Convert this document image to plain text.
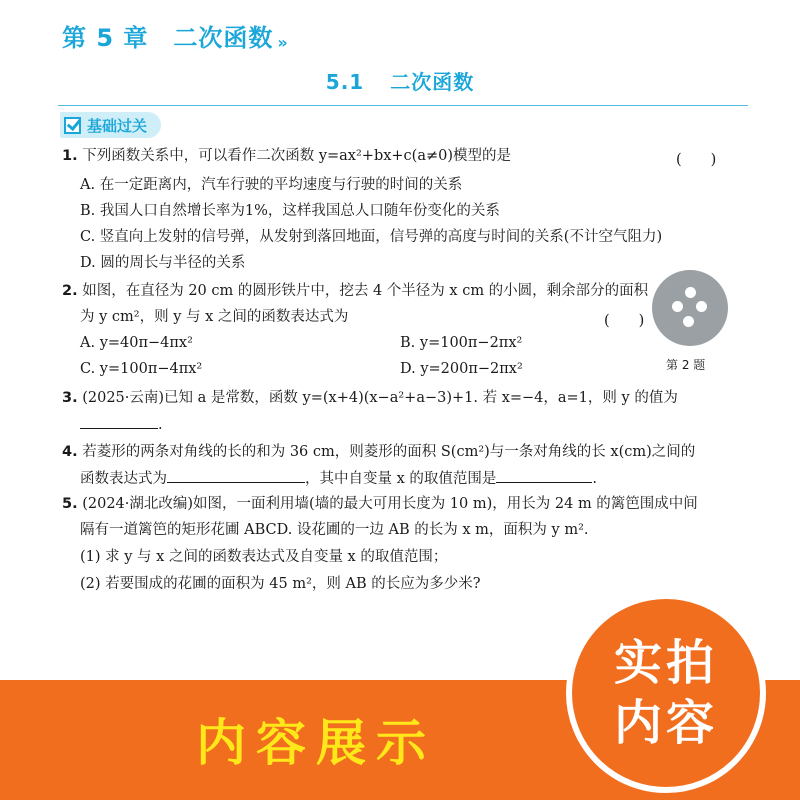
第 5 章　二次函数 »
5.1 二次函数
基础过关
1. 下列函数关系中，可以看作二次函数 y=ax²+bx+c(a≠0)模型的是	(　　)
A. 在一定距离内，汽车行驶的平均速度与行驶的时间的关系
B. 我国人口自然增长率为1%，这样我国总人口随年份变化的关系
C. 竖直向上发射的信号弹，从发射到落回地面，信号弹的高度与时间的关系(不计空气阻力)
D. 圆的周长与半径的关系
2. 如图，在直径为 20 cm 的圆形铁片中，挖去 4 个半径为 x cm 的小圆，剩余部分的面积
为 y cm²，则 y 与 x 之间的函数表达式为	(　　)
A. y=40π−4πx²	B. y=100π−2πx²
C. y=100π−4πx²	D. y=200π−2πx²	第 2 题
3. (2025·云南)已知 a 是常数，函数 y=(x+4)(x−a²+a−3)+1. 若 x=−4，a=1，则 y 的值为
.
4. 若菱形的两条对角线的长的和为 36 cm，则菱形的面积 S(cm²)与一条对角线的长 x(cm)之间的
函数表达式为	，其中自变量 x 的取值范围是	.
5. (2024·湖北改编)如图，一面利用墙(墙的最大可用长度为 10 m)，用长为 24 m 的篱笆围成中间
隔有一道篱笆的矩形花圃 ABCD. 设花圃的一边 AB 的长为 x m，面积为 y m².
(1) 求 y 与 x 之间的函数表达式及自变量 x 的取值范围；
(2) 若要围成的花圃的面积为 45 m²，则 AB 的长应为多少米?
内容展示
实拍
内容
